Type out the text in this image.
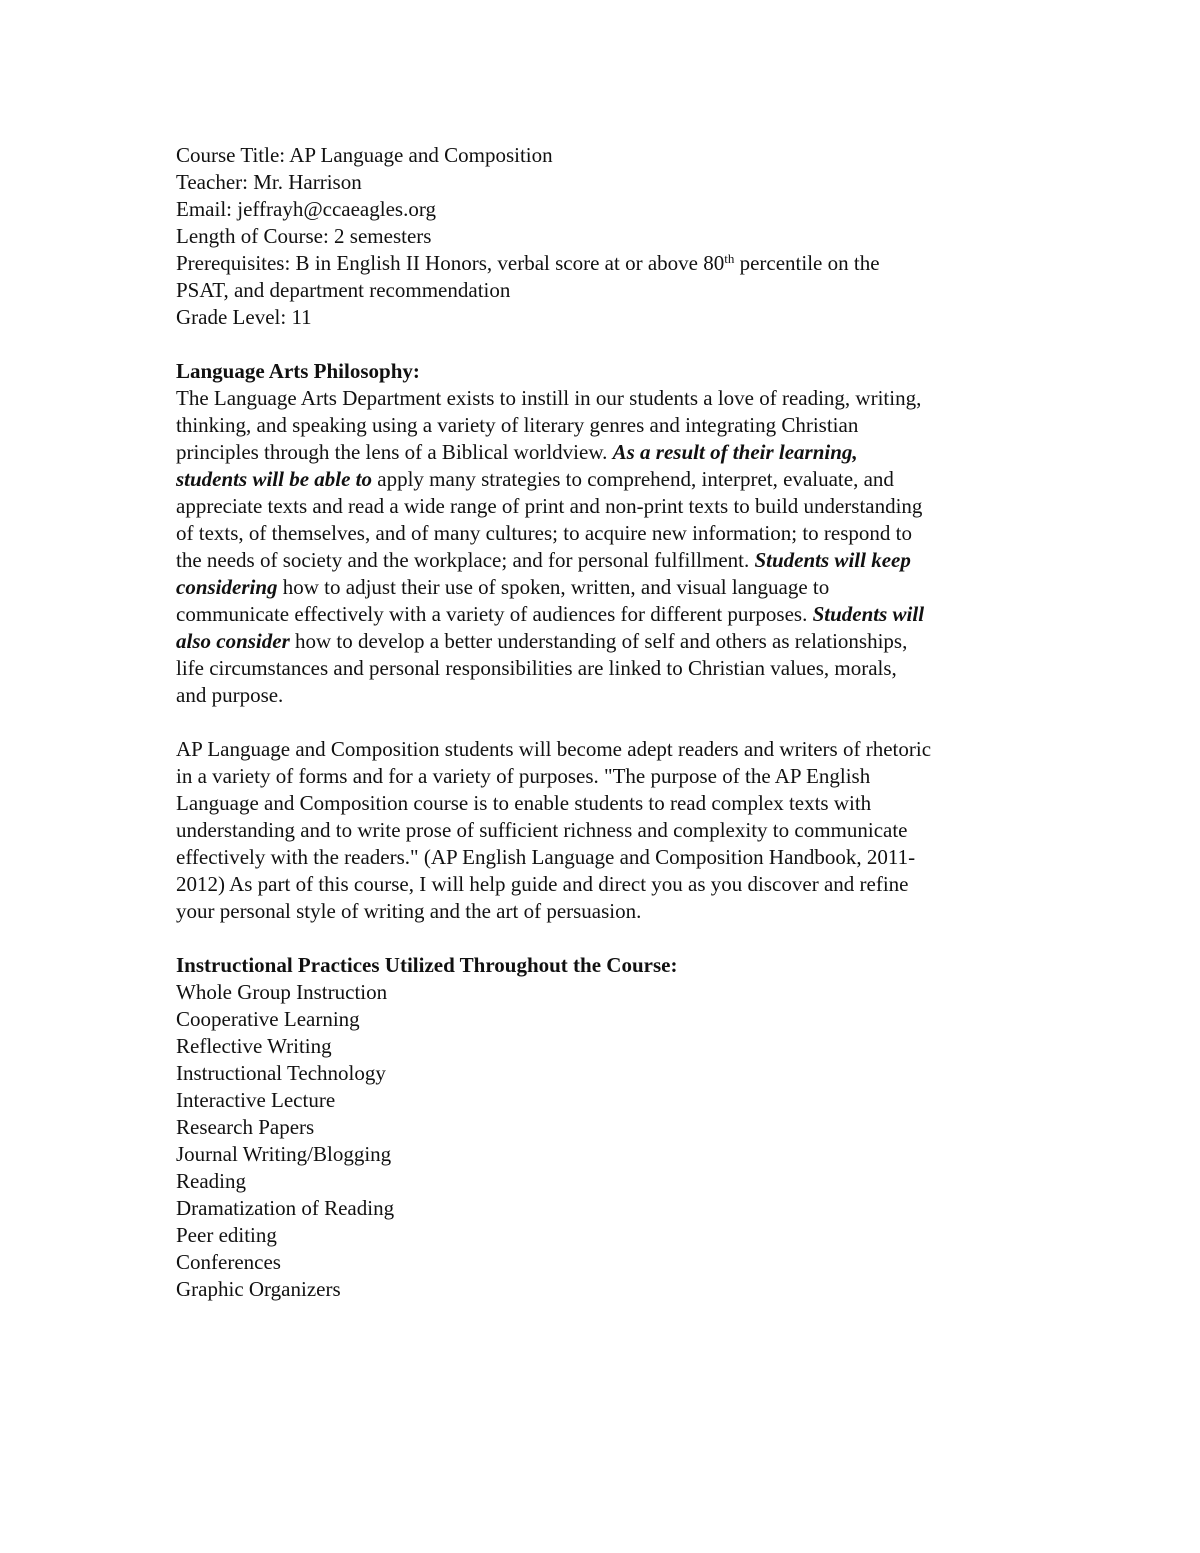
Course Title: AP Language and Composition
Teacher: Mr. Harrison
Email: jeffrayh@ccaeagles.org
Length of Course: 2 semesters
Prerequisites: B in English II Honors, verbal score at or above 80th percentile on the
PSAT, and department recommendation
Grade Level: 11
Language Arts Philosophy:
The Language Arts Department exists to instill in our students a love of reading, writing,
thinking, and speaking using a variety of literary genres and integrating Christian
principles through the lens of a Biblical worldview. As a result of their learning,
students will be able to apply many strategies to comprehend, interpret, evaluate, and
appreciate texts and read a wide range of print and non-print texts to build understanding
of texts, of themselves, and of many cultures; to acquire new information; to respond to
the needs of society and the workplace; and for personal fulfillment. Students will keep
considering how to adjust their use of spoken, written, and visual language to
communicate effectively with a variety of audiences for different purposes. Students will
also consider how to develop a better understanding of self and others as relationships,
life circumstances and personal responsibilities are linked to Christian values, morals,
and purpose.
AP Language and Composition students will become adept readers and writers of rhetoric
in a variety of forms and for a variety of purposes. "The purpose of the AP English
Language and Composition course is to enable students to read complex texts with
understanding and to write prose of sufficient richness and complexity to communicate
effectively with the readers." (AP English Language and Composition Handbook, 2011-
2012) As part of this course, I will help guide and direct you as you discover and refine
your personal style of writing and the art of persuasion.
Instructional Practices Utilized Throughout the Course:
Whole Group Instruction
Cooperative Learning
Reflective Writing
Instructional Technology
Interactive Lecture
Research Papers
Journal Writing/Blogging
Reading
Dramatization of Reading
Peer editing
Conferences
Graphic Organizers
